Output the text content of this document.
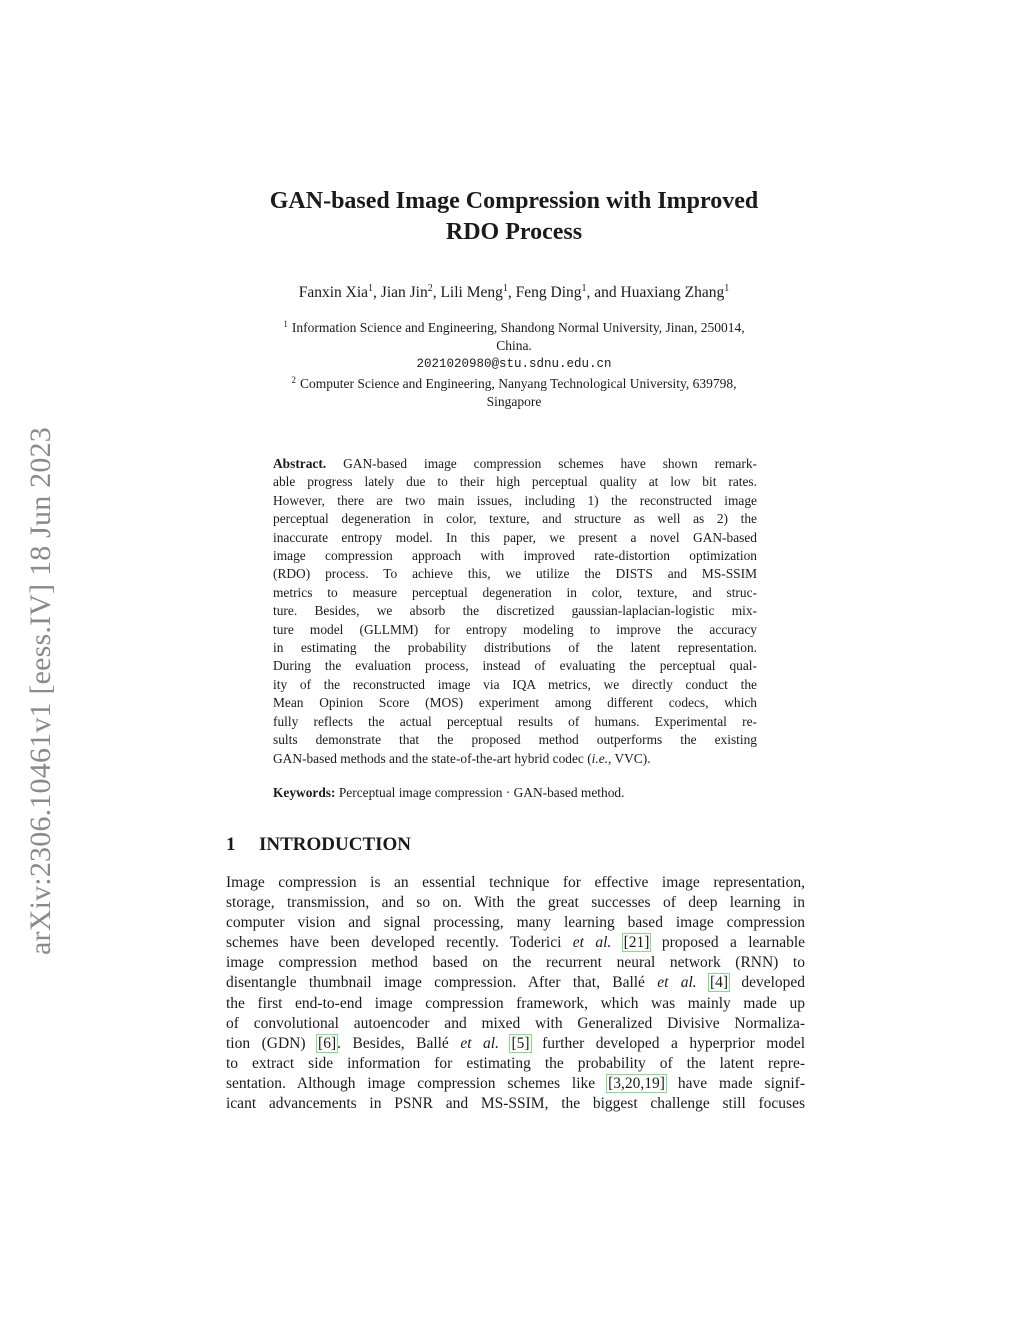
arXiv:2306.10461v1 [eess.IV] 18 Jun 2023
GAN-based Image Compression with Improved
RDO Process
Fanxin Xia$^1$, Jian Jin$^2$, Lili Meng$^1$, Feng Ding$^1$, and Huaxiang Zhang$^1$
$^1$ Information Science and Engineering, Shandong Normal University, Jinan, 250014,
China.
2021020980@stu.sdnu.edu.cn
$^2$ Computer Science and Engineering, Nanyang Technological University, 639798,
Singapore
Abstract. GAN-based image compression schemes have shown remark-
able progress lately due to their high perceptual quality at low bit rates.
However, there are two main issues, including 1) the reconstructed image
perceptual degeneration in color, texture, and structure as well as 2) the
inaccurate entropy model. In this paper, we present a novel GAN-based
image compression approach with improved rate-distortion optimization
(RDO) process. To achieve this, we utilize the DISTS and MS-SSIM
metrics to measure perceptual degeneration in color, texture, and struc-
ture. Besides, we absorb the discretized gaussian-laplacian-logistic mix-
ture model (GLLMM) for entropy modeling to improve the accuracy
in estimating the probability distributions of the latent representation.
During the evaluation process, instead of evaluating the perceptual qual-
ity of the reconstructed image via IQA metrics, we directly conduct the
Mean Opinion Score (MOS) experiment among different codecs, which
fully reflects the actual perceptual results of humans. Experimental re-
sults demonstrate that the proposed method outperforms the existing
GAN-based methods and the state-of-the-art hybrid codec (i.e., VVC).
Keywords: Perceptual image compression · GAN-based method.
1 INTRODUCTION
Image compression is an essential technique for effective image representation,
storage, transmission, and so on. With the great successes of deep learning in
computer vision and signal processing, many learning based image compression
schemes have been developed recently. Toderici et al. [21] proposed a learnable
image compression method based on the recurrent neural network (RNN) to
disentangle thumbnail image compression. After that, Ballé et al. [4] developed
the first end-to-end image compression framework, which was mainly made up
of convolutional autoencoder and mixed with Generalized Divisive Normaliza-
tion (GDN) [6]. Besides, Ballé et al. [5] further developed a hyperprior model
to extract side information for estimating the probability of the latent repre-
sentation. Although image compression schemes like [3,20,19] have made signif-
icant advancements in PSNR and MS-SSIM, the biggest challenge still focuses
